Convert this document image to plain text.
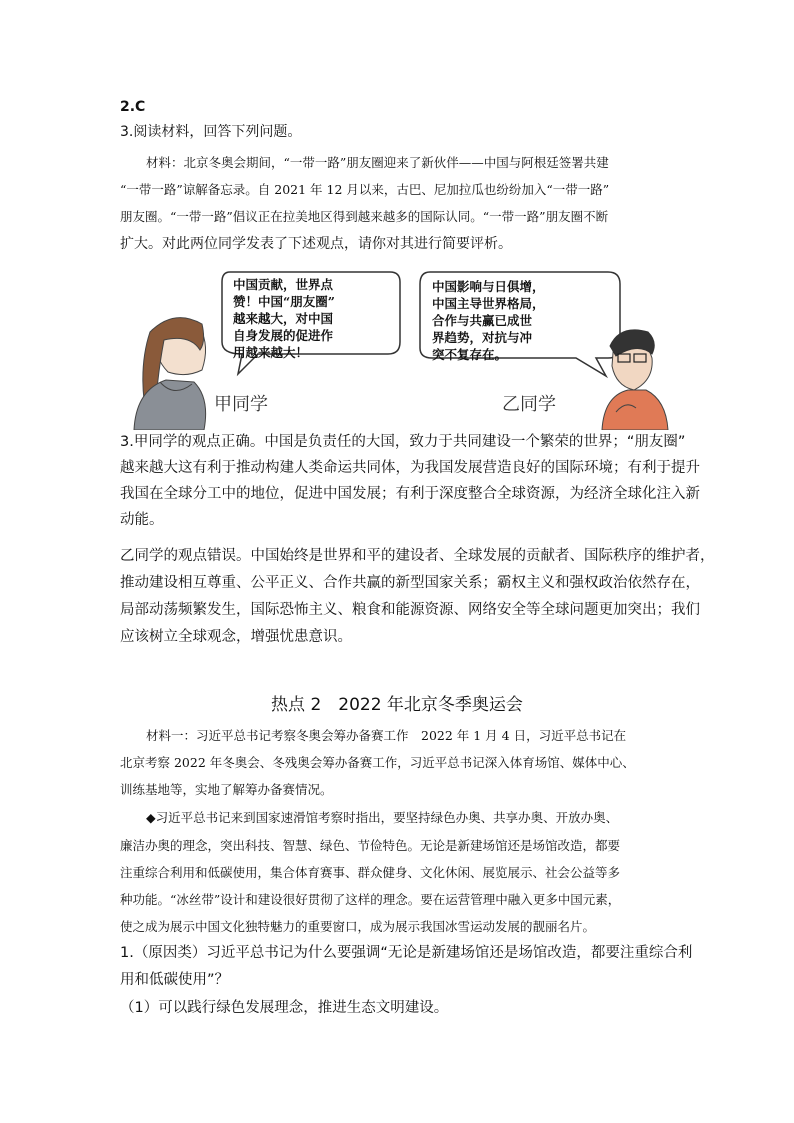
2.C
3.阅读材料，回答下列问题。
材料：北京冬奥会期间，“一带一路”朋友圈迎来了新伙伴——中国与阿根廷签署共建
“一带一路”谅解备忘录。自 2021 年 12 月以来，古巴、尼加拉瓜也纷纷加入“一带一路”
朋友圈。“一带一路”倡议正在拉美地区得到越来越多的国际认同。“一带一路”朋友圈不断
扩大。对此两位同学发表了下述观点，请你对其进行简要评析。
中国贡献，世界点
赞！中国“朋友圈”
越来越大，对中国
自身发展的促进作
用越来越大！
中国影响与日俱增，
中国主导世界格局，
合作与共赢已成世
界趋势，对抗与冲
突不复存在。
甲同学	乙同学
3.甲同学的观点正确。中国是负责任的大国，致力于共同建设一个繁荣的世界；“朋友圈”
越来越大这有利于推动构建人类命运共同体，为我国发展营造良好的国际环境；有利于提升
我国在全球分工中的地位，促进中国发展；有利于深度整合全球资源，为经济全球化注入新
动能。
乙同学的观点错误。中国始终是世界和平的建设者、全球发展的贡献者、国际秩序的维护者，
推动建设相互尊重、公平正义、合作共赢的新型国家关系；霸权主义和强权政治依然存在，
局部动荡频繁发生，国际恐怖主义、粮食和能源资源、网络安全等全球问题更加突出；我们
应该树立全球观念，增强忧患意识。
热点 2　2022 年北京冬季奥运会
材料一：习近平总书记考察冬奥会筹办备赛工作　2022 年 1 月 4 日，习近平总书记在
北京考察 2022 年冬奥会、冬残奥会筹办备赛工作，习近平总书记深入体育场馆、媒体中心、
训练基地等，实地了解筹办备赛情况。
◆习近平总书记来到国家速滑馆考察时指出，要坚持绿色办奥、共享办奥、开放办奥、
廉洁办奥的理念，突出科技、智慧、绿色、节俭特色。无论是新建场馆还是场馆改造，都要
注重综合利用和低碳使用，集合体育赛事、群众健身、文化休闲、展览展示、社会公益等多
种功能。“冰丝带”设计和建设很好贯彻了这样的理念。要在运营管理中融入更多中国元素，
使之成为展示中国文化独特魅力的重要窗口，成为展示我国冰雪运动发展的靓丽名片。
1.（原因类）习近平总书记为什么要强调“无论是新建场馆还是场馆改造，都要注重综合利
用和低碳使用”？
（1）可以践行绿色发展理念，推进生态文明建设。
